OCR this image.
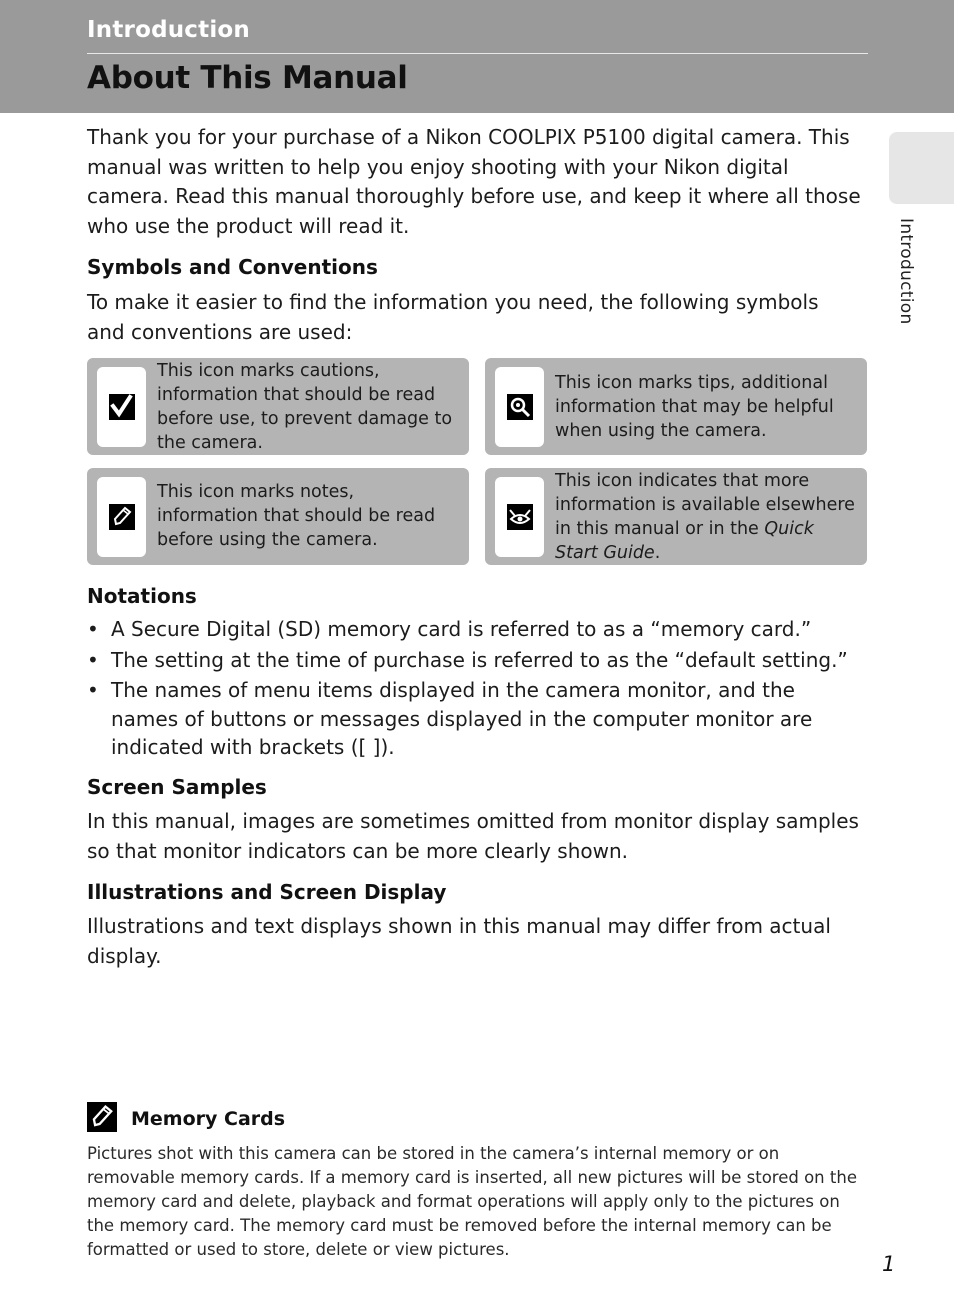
Introduction
About This Manual
Introduction
Thank you for your purchase of a Nikon COOLPIX P5100 digital camera. This manual was written to help you enjoy shooting with your Nikon digital camera. Read this manual thoroughly before use, and keep it where all those who use the product will read it.
Symbols and Conventions
To make it easier to find the information you need, the following symbols and conventions are used:
This icon marks cautions, information that should be read before use, to prevent damage to the camera.
This icon marks tips, additional information that may be helpful when using the camera.
This icon marks notes, information that should be read before using the camera.
This icon indicates that more information is available elsewhere in this manual or in the Quick Start Guide.
Notations
• A Secure Digital (SD) memory card is referred to as a “memory card.”
• The setting at the time of purchase is referred to as the “default setting.”
• The names of menu items displayed in the camera monitor, and the names of buttons or messages displayed in the computer monitor are indicated with brackets ([ ]).
Screen Samples
In this manual, images are sometimes omitted from monitor display samples so that monitor indicators can be more clearly shown.
Illustrations and Screen Display
Illustrations and text displays shown in this manual may differ from actual display.
Memory Cards
Pictures shot with this camera can be stored in the camera’s internal memory or on removable memory cards. If a memory card is inserted, all new pictures will be stored on the memory card and delete, playback and format operations will apply only to the pictures on the memory card. The memory card must be removed before the internal memory can be formatted or used to store, delete or view pictures.
1
